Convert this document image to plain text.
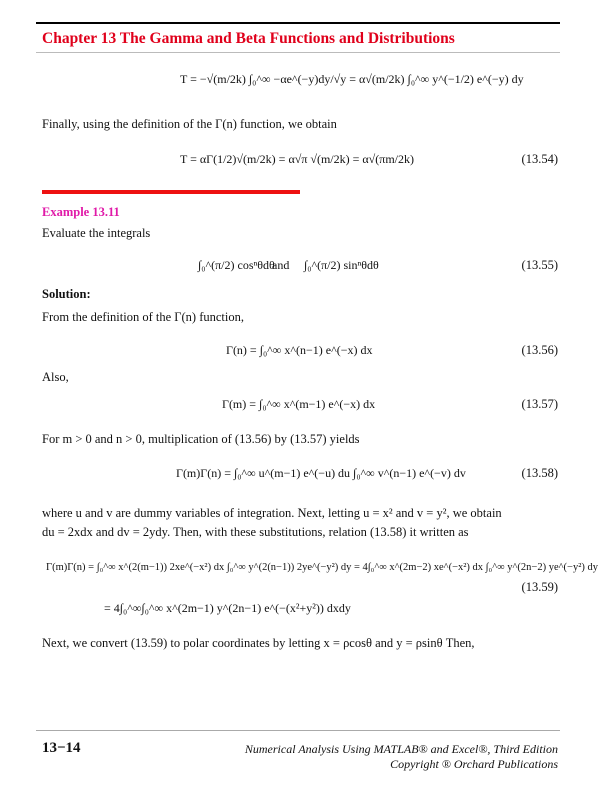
Chapter 13 The Gamma and Beta Functions and Distributions
T = −√(m/2k) ∫₀^∞ −αe^(−y)dy/√y = α√(m/2k) ∫₀^∞ y^(−1/2) e^(−y) dy
Finally, using the definition of the Γ(n) function, we obtain
T = αΓ(1/2)√(m/2k) = α√π √(m/2k) = α√(πm/2k)	(13.54)
Example 13.11
Evaluate the integrals
∫₀^(π/2) cosⁿθdθ
and ∫₀^(π/2) sinⁿθdθ	(13.55)
Solution:
From the definition of the Γ(n) function,
Γ(n) = ∫₀^∞ x^(n−1) e^(−x) dx	(13.56)
Also,
Γ(m) = ∫₀^∞ x^(m−1) e^(−x) dx	(13.57)
For m > 0 and n > 0, multiplication of (13.56) by (13.57) yields
Γ(m)Γ(n) = ∫₀^∞ u^(m−1) e^(−u) du ∫₀^∞ v^(n−1) e^(−v) dv	(13.58)
where u and v are dummy variables of integration. Next, letting u = x² and v = y², we obtain
du = 2xdx and dv = 2ydy. Then, with these substitutions, relation (13.58) it written as
Γ(m)Γ(n) = ∫₀^∞ x^(2(m−1)) 2xe^(−x²) dx ∫₀^∞ y^(2(n−1)) 2ye^(−y²) dy = 4∫₀^∞ x^(2m−2) xe^(−x²) dx ∫₀^∞ y^(2n−2) ye^(−y²) dy
(13.59)
= 4∫₀^∞∫₀^∞ x^(2m−1) y^(2n−1) e^(−(x²+y²)) dxdy
Next, we convert (13.59) to polar coordinates by letting x = ρcosθ and y = ρsinθ Then,
13−14	Numerical Analysis Using MATLAB® and Excel®, Third Edition
Copyright ® Orchard Publications
